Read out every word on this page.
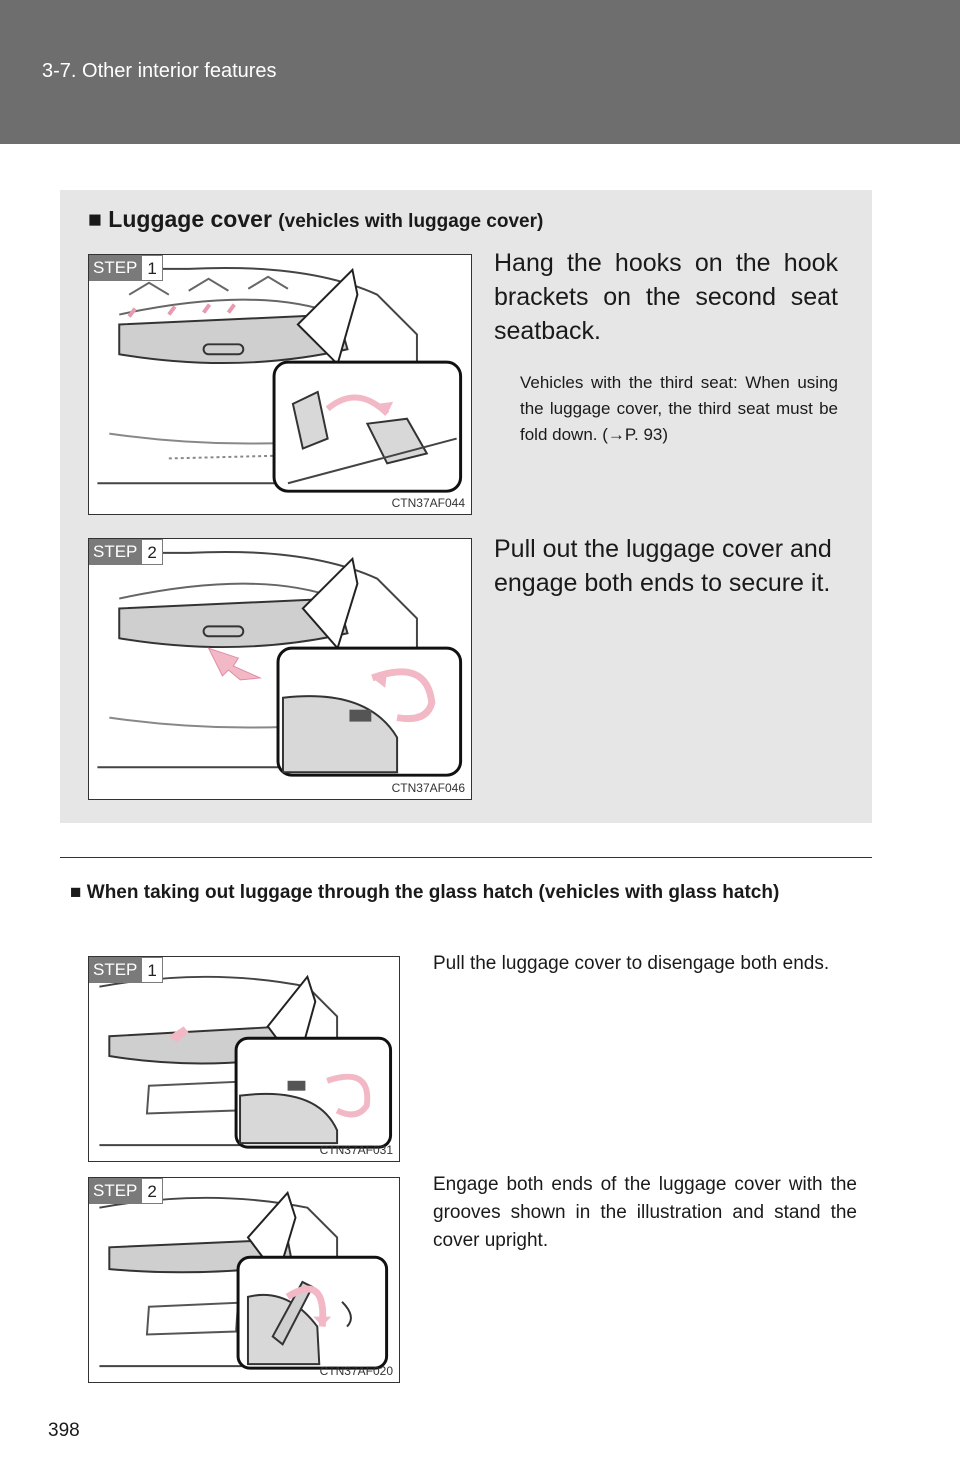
3-7. Other interior features
■ Luggage cover (vehicles with luggage cover)
STEP 1
CTN37AF044
Hang the hooks on the hook brackets on the second seat seatback.
Vehicles with the third seat: When using the luggage cover, the third seat must be fold down. (→P. 93)
STEP 2
CTN37AF046
Pull out the luggage cover and engage both ends to secure it.
■ When taking out luggage through the glass hatch (vehicles with glass hatch)
STEP 1
CTN37AF031
Pull the luggage cover to disengage both ends.
STEP 2
CTN37AF020
Engage both ends of the luggage cover with the grooves shown in the illustration and stand the cover upright.
398
